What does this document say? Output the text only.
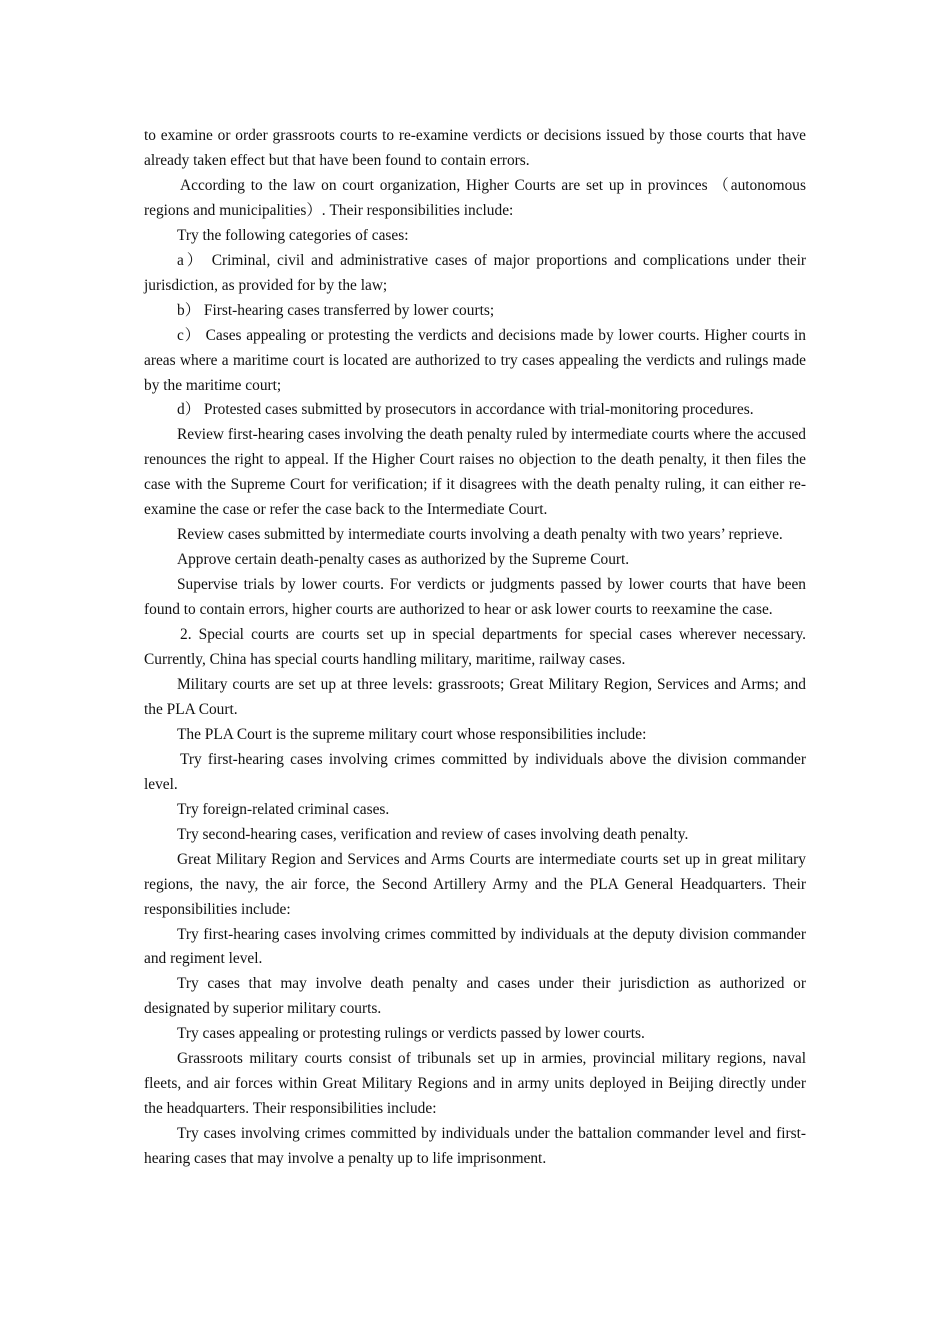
to examine or order grassroots courts to re-examine verdicts or decisions issued by those courts that have already taken effect but that have been found to contain errors.

According to the law on court organization, Higher Courts are set up in provinces （autonomous regions and municipalities）. Their responsibilities include:

Try the following categories of cases:

a） Criminal, civil and administrative cases of major proportions and complications under their jurisdiction, as provided for by the law;

b） First-hearing cases transferred by lower courts;

c） Cases appealing or protesting the verdicts and decisions made by lower courts. Higher courts in areas where a maritime court is located are authorized to try cases appealing the verdicts and rulings made by the maritime court;

d） Protested cases submitted by prosecutors in accordance with trial-monitoring procedures.

Review first-hearing cases involving the death penalty ruled by intermediate courts where the accused renounces the right to appeal. If the Higher Court raises no objection to the death penalty, it then files the case with the Supreme Court for verification; if it disagrees with the death penalty ruling, it can either re-examine the case or refer the case back to the Intermediate Court.

Review cases submitted by intermediate courts involving a death penalty with two years’ reprieve.

Approve certain death-penalty cases as authorized by the Supreme Court.

Supervise trials by lower courts. For verdicts or judgments passed by lower courts that have been found to contain errors, higher courts are authorized to hear or ask lower courts to reexamine the case.

2. Special courts are courts set up in special departments for special cases wherever necessary. Currently, China has special courts handling military, maritime, railway cases.

Military courts are set up at three levels: grassroots; Great Military Region, Services and Arms; and the PLA Court.

The PLA Court is the supreme military court whose responsibilities include:

Try first-hearing cases involving crimes committed by individuals above the division commander level.

Try foreign-related criminal cases.

Try second-hearing cases, verification and review of cases involving death penalty.

Great Military Region and Services and Arms Courts are intermediate courts set up in great military regions, the navy, the air force, the Second Artillery Army and the PLA General Headquarters. Their responsibilities include:

Try first-hearing cases involving crimes committed by individuals at the deputy division commander and regiment level.

Try cases that may involve death penalty and cases under their jurisdiction as authorized or designated by superior military courts.

Try cases appealing or protesting rulings or verdicts passed by lower courts.

Grassroots military courts consist of tribunals set up in armies, provincial military regions, naval fleets, and air forces within Great Military Regions and in army units deployed in Beijing directly under the headquarters. Their responsibilities include:

Try cases involving crimes committed by individuals under the battalion commander level and first-hearing cases that may involve a penalty up to life imprisonment.
